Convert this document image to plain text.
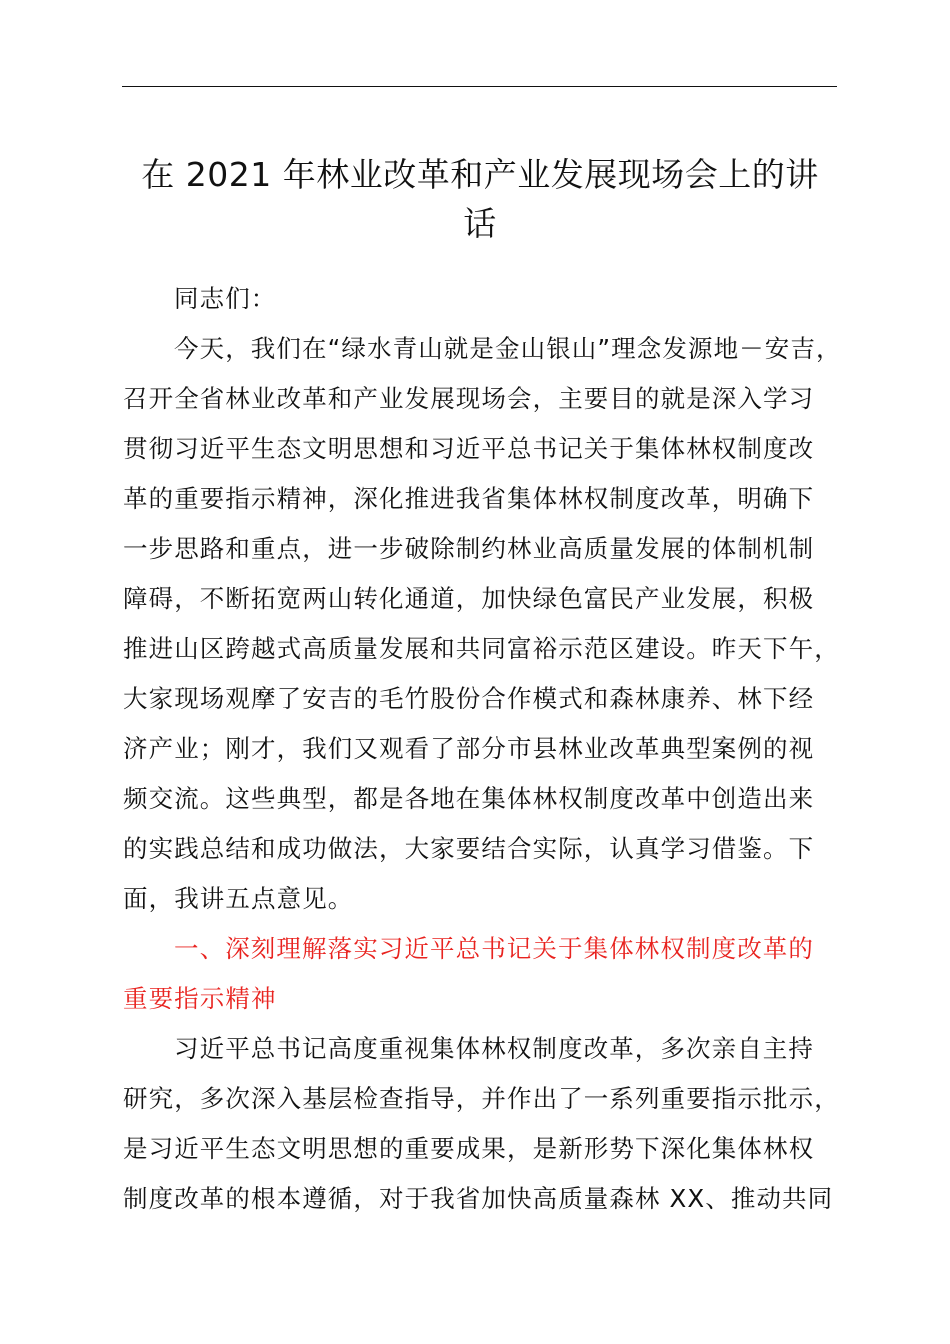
在 2021 年林业改革和产业发展现场会上的讲
话
同志们：
今天，我们在“绿水青山就是金山银山”理念发源地－安吉，
召开全省林业改革和产业发展现场会，主要目的就是深入学习
贯彻习近平生态文明思想和习近平总书记关于集体林权制度改
革的重要指示精神，深化推进我省集体林权制度改革，明确下
一步思路和重点，进一步破除制约林业高质量发展的体制机制
障碍，不断拓宽两山转化通道，加快绿色富民产业发展，积极
推进山区跨越式高质量发展和共同富裕示范区建设。昨天下午，
大家现场观摩了安吉的毛竹股份合作模式和森林康养、林下经
济产业；刚才，我们又观看了部分市县林业改革典型案例的视
频交流。这些典型，都是各地在集体林权制度改革中创造出来
的实践总结和成功做法，大家要结合实际，认真学习借鉴。下
面，我讲五点意见。
一、深刻理解落实习近平总书记关于集体林权制度改革的
重要指示精神
习近平总书记高度重视集体林权制度改革，多次亲自主持
研究，多次深入基层检查指导，并作出了一系列重要指示批示，
是习近平生态文明思想的重要成果，是新形势下深化集体林权
制度改革的根本遵循，对于我省加快高质量森林 XX、推动共同
